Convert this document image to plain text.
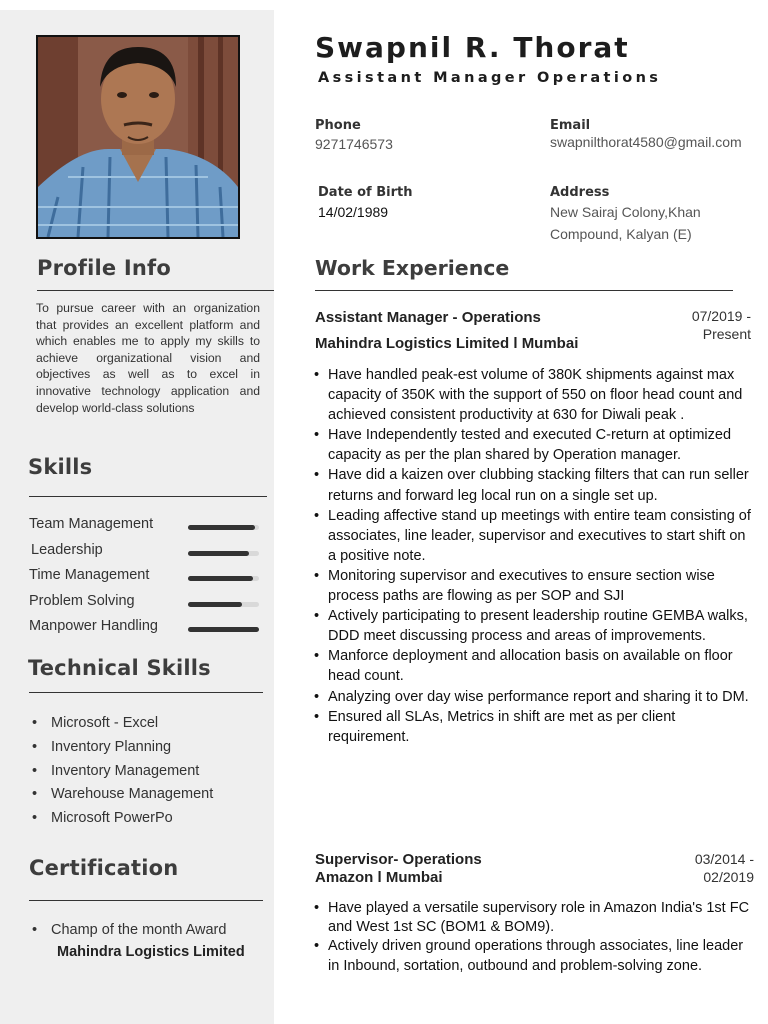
Profile Info

To pursue career with an organization that provides an excellent platform and which enables me to apply my skills to achieve organizational vision and objectives as well as to excel in innovative technology application and develop world-class solutions

Skills
Team Management
Leadership
Time Management
Problem Solving
Manpower Handling
Technical Skills
• Microsoft - Excel
• Inventory Planning
• Inventory Management
• Warehouse Management
• Microsoft PowerPo
Certification
• Champ of the month Award
Mahindra Logistics Limited
Swapnil R. Thorat
Assistant Manager Operations
Phone
9271746573
Email
swapnilthorat4580@gmail.com
Date of Birth
14/02/1989
Address
New Sairaj Colony,Khan
Compound, Kalyan (E)
Work Experience
Assistant Manager - Operations
Mahindra Logistics Limited l Mumbai
07/2019 -
Present
• Have handled peak-est volume of 380K shipments against max capacity of 350K with the support of 550 on floor head count and achieved consistent productivity at 630 for Diwali peak .
• Have Independently tested and executed C-return at optimized capacity as per the plan shared by Operation manager.
• Have did a kaizen over clubbing stacking filters that can run seller returns and forward leg local run on a single set up.
• Leading affective stand up meetings with entire team consisting of associates, line leader, supervisor and executives to start shift on a positive note.
• Monitoring supervisor and executives to ensure section wise process paths are flowing as per SOP and SJI
• Actively participating to present leadership routine GEMBA walks, DDD meet discussing process and areas of improvements.
• Manforce deployment and allocation basis on available on floor head count.
• Analyzing over day wise performance report and sharing it to DM.
• Ensured all SLAs, Metrics in shift are met as per client requirement.
Supervisor- Operations
Amazon l Mumbai
03/2014 -
02/2019
• Have played a versatile supervisory role in Amazon India's 1st FC and West 1st SC (BOM1 & BOM9).
• Actively driven ground operations through associates, line leader in Inbound, sortation, outbound and problem-solving zone.
